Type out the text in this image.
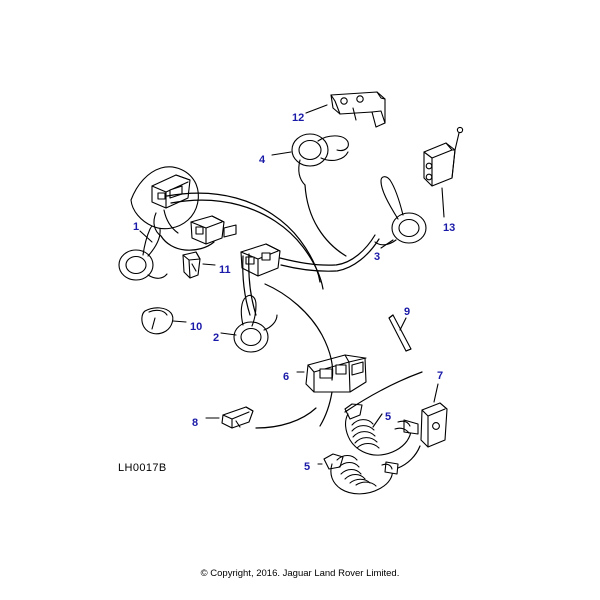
1
2
3
4
5
5
6	7
8
9
10
11
12
13
LH0017B
© Copyright, 2016. Jaguar Land Rover Limited.
